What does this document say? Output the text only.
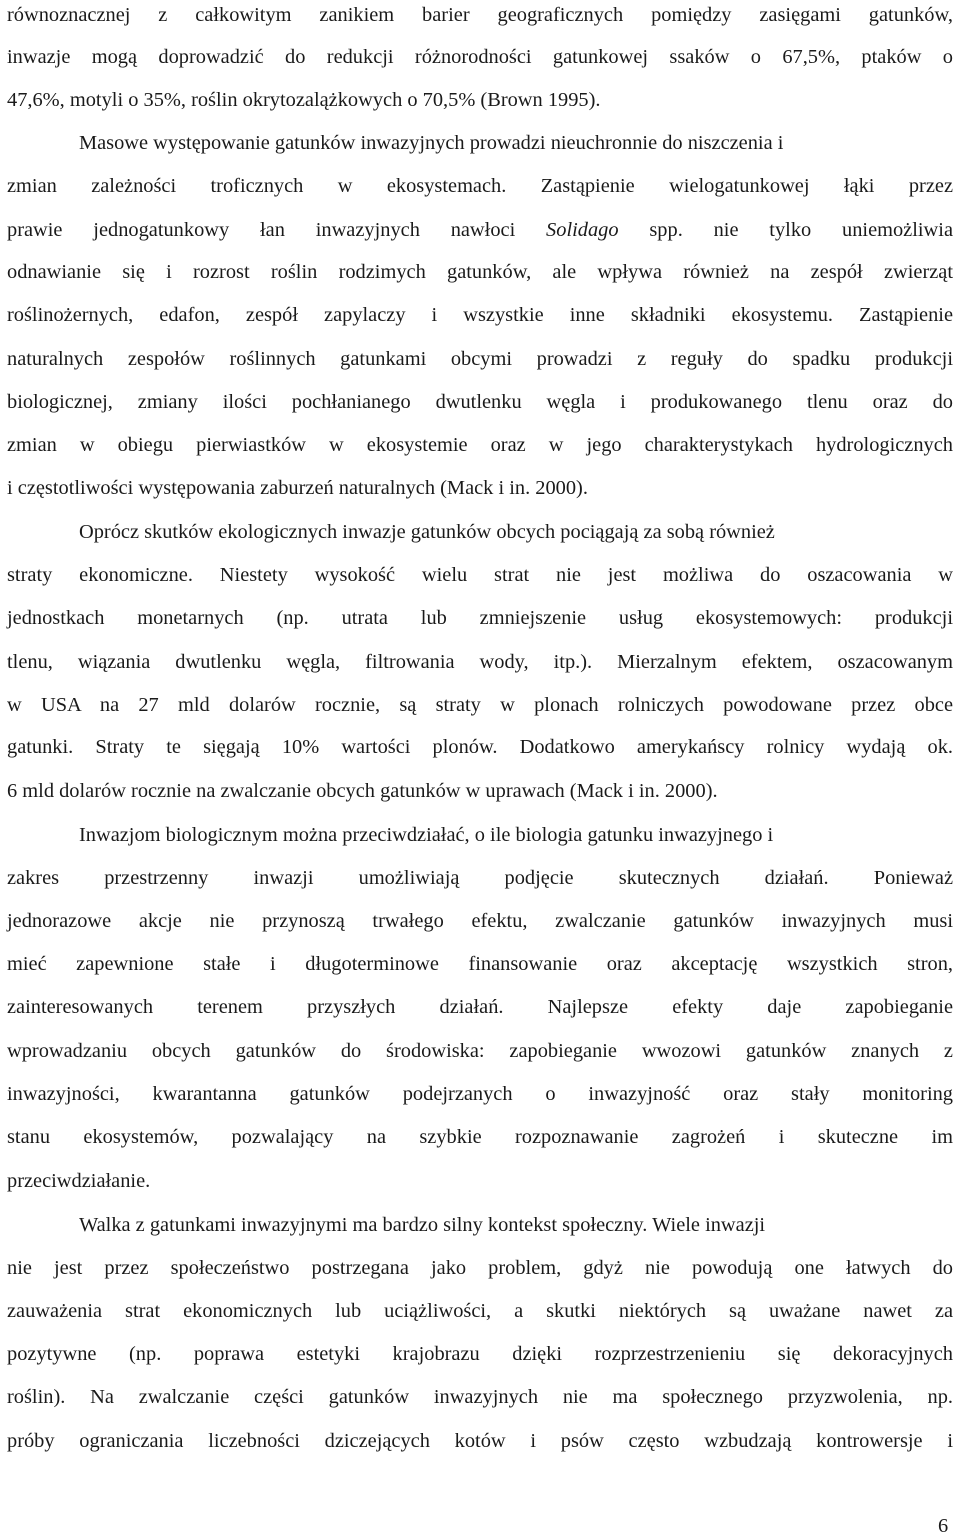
równoznacznej z całkowitym zanikiem barier geograficznych pomiędzy zasięgami gatunków,
inwazje mogą doprowadzić do redukcji różnorodności gatunkowej ssaków o 67,5%, ptaków o
47,6%, motyli o 35%, roślin okrytozalążkowych o 70,5% (Brown 1995).
Masowe występowanie gatunków inwazyjnych prowadzi nieuchronnie do niszczenia i
zmian zależności troficznych w ekosystemach. Zastąpienie wielogatunkowej łąki przez
prawie jednogatunkowy łan inwazyjnych nawłoci Solidago spp. nie tylko uniemożliwia
odnawianie się i rozrost roślin rodzimych gatunków, ale wpływa również na zespół zwierząt
roślinożernych, edafon, zespół zapylaczy i wszystkie inne składniki ekosystemu. Zastąpienie
naturalnych zespołów roślinnych gatunkami obcymi prowadzi z reguły do spadku produkcji
biologicznej, zmiany ilości pochłanianego dwutlenku węgla i produkowanego tlenu oraz do
zmian w obiegu pierwiastków w ekosystemie oraz w jego charakterystykach hydrologicznych
i częstotliwości występowania zaburzeń naturalnych (Mack i in. 2000).
Oprócz skutków ekologicznych inwazje gatunków obcych pociągają za sobą również
straty ekonomiczne. Niestety wysokość wielu strat nie jest możliwa do oszacowania w
jednostkach monetarnych (np. utrata lub zmniejszenie usług ekosystemowych: produkcji
tlenu, wiązania dwutlenku węgla, filtrowania wody, itp.). Mierzalnym efektem, oszacowanym
w USA na 27 mld dolarów rocznie, są straty w plonach rolniczych powodowane przez obce
gatunki. Straty te sięgają 10% wartości plonów. Dodatkowo amerykańscy rolnicy wydają ok.
6 mld dolarów rocznie na zwalczanie obcych gatunków w uprawach (Mack i in. 2000).
Inwazjom biologicznym można przeciwdziałać, o ile biologia gatunku inwazyjnego i
zakres przestrzenny inwazji umożliwiają podjęcie skutecznych działań. Ponieważ
jednorazowe akcje nie przynoszą trwałego efektu, zwalczanie gatunków inwazyjnych musi
mieć zapewnione stałe i długoterminowe finansowanie oraz akceptację wszystkich stron,
zainteresowanych terenem przyszłych działań. Najlepsze efekty daje zapobieganie
wprowadzaniu obcych gatunków do środowiska: zapobieganie wwozowi gatunków znanych z
inwazyjności, kwarantanna gatunków podejrzanych o inwazyjność oraz stały monitoring
stanu ekosystemów, pozwalający na szybkie rozpoznawanie zagrożeń i skuteczne im
przeciwdziałanie.
Walka z gatunkami inwazyjnymi ma bardzo silny kontekst społeczny. Wiele inwazji
nie jest przez społeczeństwo postrzegana jako problem, gdyż nie powodują one łatwych do
zauważenia strat ekonomicznych lub uciążliwości, a skutki niektórych są uważane nawet za
pozytywne (np. poprawa estetyki krajobrazu dzięki rozprzestrzenieniu się dekoracyjnych
roślin). Na zwalczanie części gatunków inwazyjnych nie ma społecznego przyzwolenia, np.
próby ograniczania liczebności dziczejących kotów i psów często wzbudzają kontrowersje i
6
